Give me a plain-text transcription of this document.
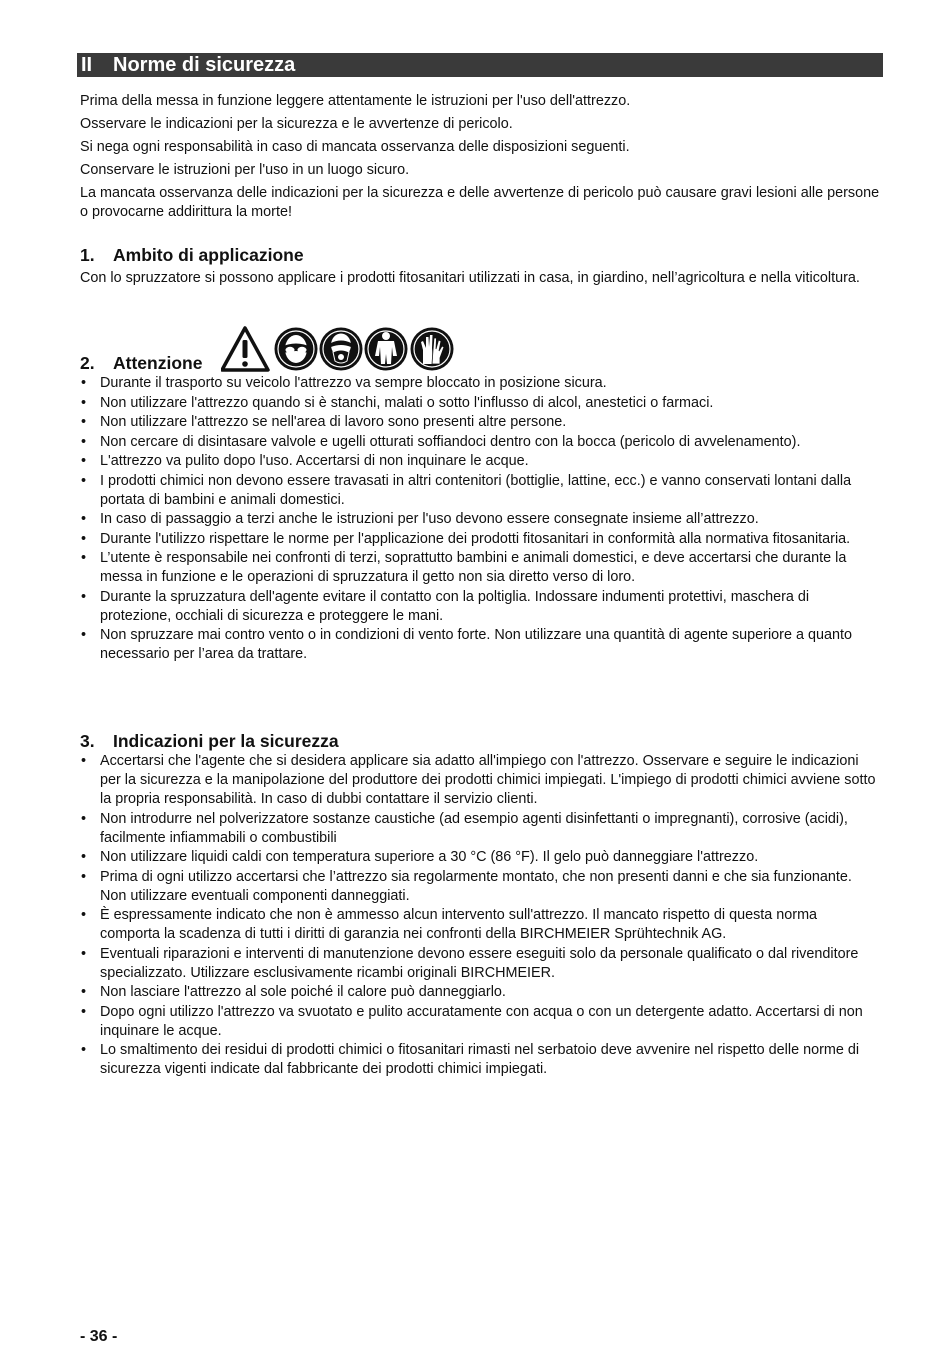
II Norme di sicurezza

Prima della messa in funzione leggere attentamente le istruzioni per l'uso dell'attrezzo.

Osservare le indicazioni per la sicurezza e le avvertenze di pericolo.

Si nega ogni responsabilità in caso di mancata osservanza delle disposizioni seguenti.

Conservare le istruzioni per l'uso in un luogo sicuro.

La mancata osservanza delle indicazioni per la sicurezza e delle avvertenze di pericolo può causare gravi lesioni alle persone o provocarne addirittura la morte!

1. Ambito di applicazione

Con lo spruzzatore si possono applicare i prodotti fitosanitari utilizzati in casa, in giardino, nell’agricoltura e nella viticoltura.

2. Attenzione
• Durante il trasporto su veicolo l'attrezzo va sempre bloccato in posizione sicura.
• Non utilizzare l'attrezzo quando si è stanchi, malati o sotto l'influsso di alcol, anestetici o farmaci.
• Non utilizzare l'attrezzo se nell'area di lavoro sono presenti altre persone.
• Non cercare di disintasare valvole e ugelli otturati soffiandoci dentro con la bocca (pericolo di avvelenamento).
• L'attrezzo va pulito dopo l'uso. Accertarsi di non inquinare le acque.
• I prodotti chimici non devono essere travasati in altri contenitori (bottiglie, lattine, ecc.) e vanno conservati lontani dalla portata di bambini e animali domestici.
• In caso di passaggio a terzi anche le istruzioni per l'uso devono essere consegnate insieme all’attrezzo.
• Durante l'utilizzo rispettare le norme per l'applicazione dei prodotti fitosanitari in conformità alla normativa fitosanitaria.
• L’utente è responsabile nei confronti di terzi, soprattutto bambini e animali domestici, e deve accertarsi che durante la messa in funzione e le operazioni di spruzzatura il getto non sia diretto verso di loro.
• Durante la spruzzatura dell'agente evitare il contatto con la poltiglia. Indossare indumenti protettivi, maschera di protezione, occhiali di sicurezza e proteggere le mani.
• Non spruzzare mai contro vento o in condizioni di vento forte. Non utilizzare una quantità di agente superiore a quanto necessario per l’area da trattare.
3. Indicazioni per la sicurezza
• Accertarsi che l'agente che si desidera applicare sia adatto all'impiego con l'attrezzo. Osservare e seguire le indicazioni per la sicurezza e la manipolazione del produttore dei prodotti chimici impiegati. L'impiego di prodotti chimici avviene sotto la propria responsabilità. In caso di dubbi contattare il servizio clienti.
• Non introdurre nel polverizzatore sostanze caustiche (ad esempio agenti disinfettanti o impregnanti), corrosive (acidi), facilmente infiammabili o combustibili
• Non utilizzare liquidi caldi con temperatura superiore a 30 °C (86 °F). Il gelo può danneggiare l'attrezzo.
• Prima di ogni utilizzo accertarsi che l’attrezzo sia regolarmente montato, che non presenti danni e che sia funzionante. Non utilizzare eventuali componenti danneggiati.
• È espressamente indicato che non è ammesso alcun intervento sull'attrezzo. Il mancato rispetto di questa norma comporta la scadenza di tutti i diritti di garanzia nei confronti della BIRCHMEIER Sprühtechnik AG.
• Eventuali riparazioni e interventi di manutenzione devono essere eseguiti solo da personale qualificato o dal rivenditore specializzato. Utilizzare esclusivamente ricambi originali BIRCHMEIER.
• Non lasciare l'attrezzo al sole poiché il calore può danneggiarlo.
• Dopo ogni utilizzo l'attrezzo va svuotato e pulito accuratamente con acqua o con un detergente adatto. Accertarsi di non inquinare le acque.
• Lo smaltimento dei residui di prodotti chimici o fitosanitari rimasti nel serbatoio deve avvenire nel rispetto delle norme di sicurezza vigenti indicate dal fabbricante dei prodotti chimici impiegati.
- 36 -
